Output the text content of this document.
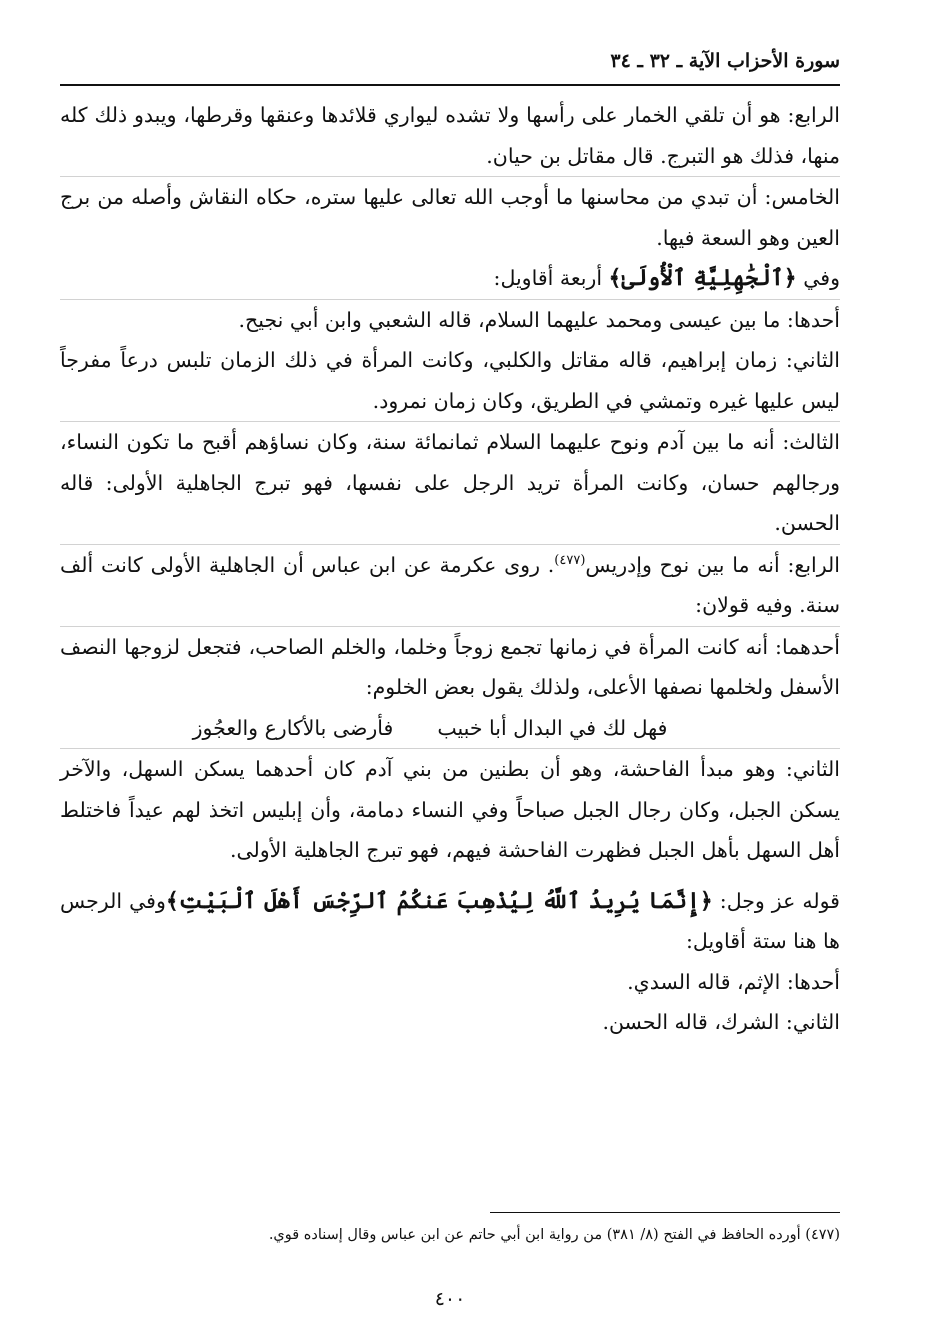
سورة الأحزاب الآية ـ ٣٢ ـ ٣٤

الرابع: هو أن تلقي الخمار على رأسها ولا تشده ليواري قلائدها وعنقها وقرطها، ويبدو ذلك كله منها، فذلك هو التبرج. قال مقاتل بن حيان.

الخامس: أن تبدي من محاسنها ما أوجب الله تعالى عليها ستره، حكاه النقاش وأصله من برج العين وهو السعة فيها.

وفي ﴿ٱلْجَٰهِلِيَّةِ ٱلْأُولَىٰ﴾ أربعة أقاويل:

أحدها: ما بين عيسى ومحمد عليهما السلام، قاله الشعبي وابن أبي نجيح.

الثاني: زمان إبراهيم، قاله مقاتل والكلبي، وكانت المرأة في ذلك الزمان تلبس درعاً مفرجاً ليس عليها غيره وتمشي في الطريق، وكان زمان نمرود.

الثالث: أنه ما بين آدم ونوح عليهما السلام ثمانمائة سنة، وكان نساؤهم أقبح ما تكون النساء، ورجالهم حسان، وكانت المرأة تريد الرجل على نفسها، فهو تبرج الجاهلية الأولى: قاله الحسن.

الرابع: أنه ما بين نوح وإدريس$^{(٤٧٧)}$. روى عكرمة عن ابن عباس أن الجاهلية الأولى كانت ألف سنة. وفيه قولان:

أحدهما: أنه كانت المرأة في زمانها تجمع زوجاً وخلما، والخلم الصاحب، فتجعل لزوجها النصف الأسفل ولخلمها نصفها الأعلى، ولذلك يقول بعض الخلوم:

فهل لك في البدال أبا خبيبفأرضى بالأكارع والعجُوز

الثاني: وهو مبدأ الفاحشة، وهو أن بطنين من بني آدم كان أحدهما يسكن السهل، والآخر يسكن الجبل، وكان رجال الجبل صباحاً وفي النساء دمامة، وأن إبليس اتخذ لهم عيداً فاختلط أهل السهل بأهل الجبل فظهرت الفاحشة فيهم، فهو تبرج الجاهلية الأولى.

قوله عز وجل: ﴿إِنَّمَا يُرِيدُ ٱللَّهُ لِيُذْهِبَ عَنكُمُ ٱلرِّجْسَ أَهْلَ ٱلْبَيْتِ﴾وفي الرجس ها هنا ستة أقاويل:

أحدها: الإثم، قاله السدي.

الثاني: الشرك، قاله الحسن.

(٤٧٧) أورده الحافظ في الفتح (٨/ ٣٨١) من رواية ابن أبي حاتم عن ابن عباس وقال إسناده قوي.
٤٠٠
